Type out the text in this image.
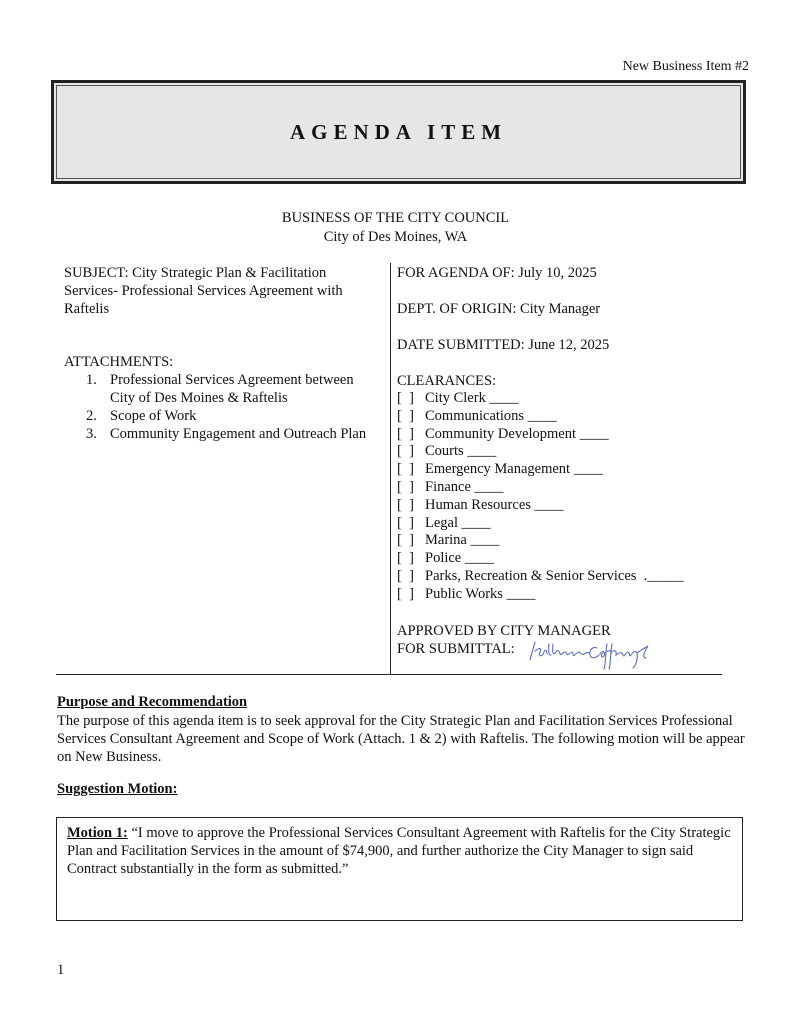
New Business Item #2
AGENDA ITEM
BUSINESS OF THE CITY COUNCIL
City of Des Moines, WA
SUBJECT: City Strategic Plan & Facilitation Services- Professional Services Agreement with Raftelis
ATTACHMENTS:
1. Professional Services Agreement between City of Des Moines & Raftelis
2. Scope of Work
3. Community Engagement and Outreach Plan
FOR AGENDA OF: July 10, 2025
DEPT. OF ORIGIN: City Manager
DATE SUBMITTED: June 12, 2025
CLEARANCES:
[  ] City Clerk ____
[  ] Communications ____
[  ] Community Development ____
[  ] Courts ____
[  ] Emergency Management ____
[  ] Finance ____
[  ] Human Resources ____
[  ] Legal ____
[  ] Marina ____
[  ] Police ____
[  ] Parks, Recreation & Senior Services  ._____
[  ] Public Works ____
APPROVED BY CITY MANAGER
FOR SUBMITTAL:
Purpose and Recommendation
The purpose of this agenda item is to seek approval for the City Strategic Plan and Facilitation Services Professional Services Consultant Agreement and Scope of Work (Attach. 1 & 2) with Raftelis. The following motion will be appear on New Business.
Suggestion Motion:
Motion 1: “I move to approve the Professional Services Consultant Agreement with Raftelis for the City Strategic Plan and Facilitation Services in the amount of $74,900, and further authorize the City Manager to sign said Contract substantially in the form as submitted.”
1
